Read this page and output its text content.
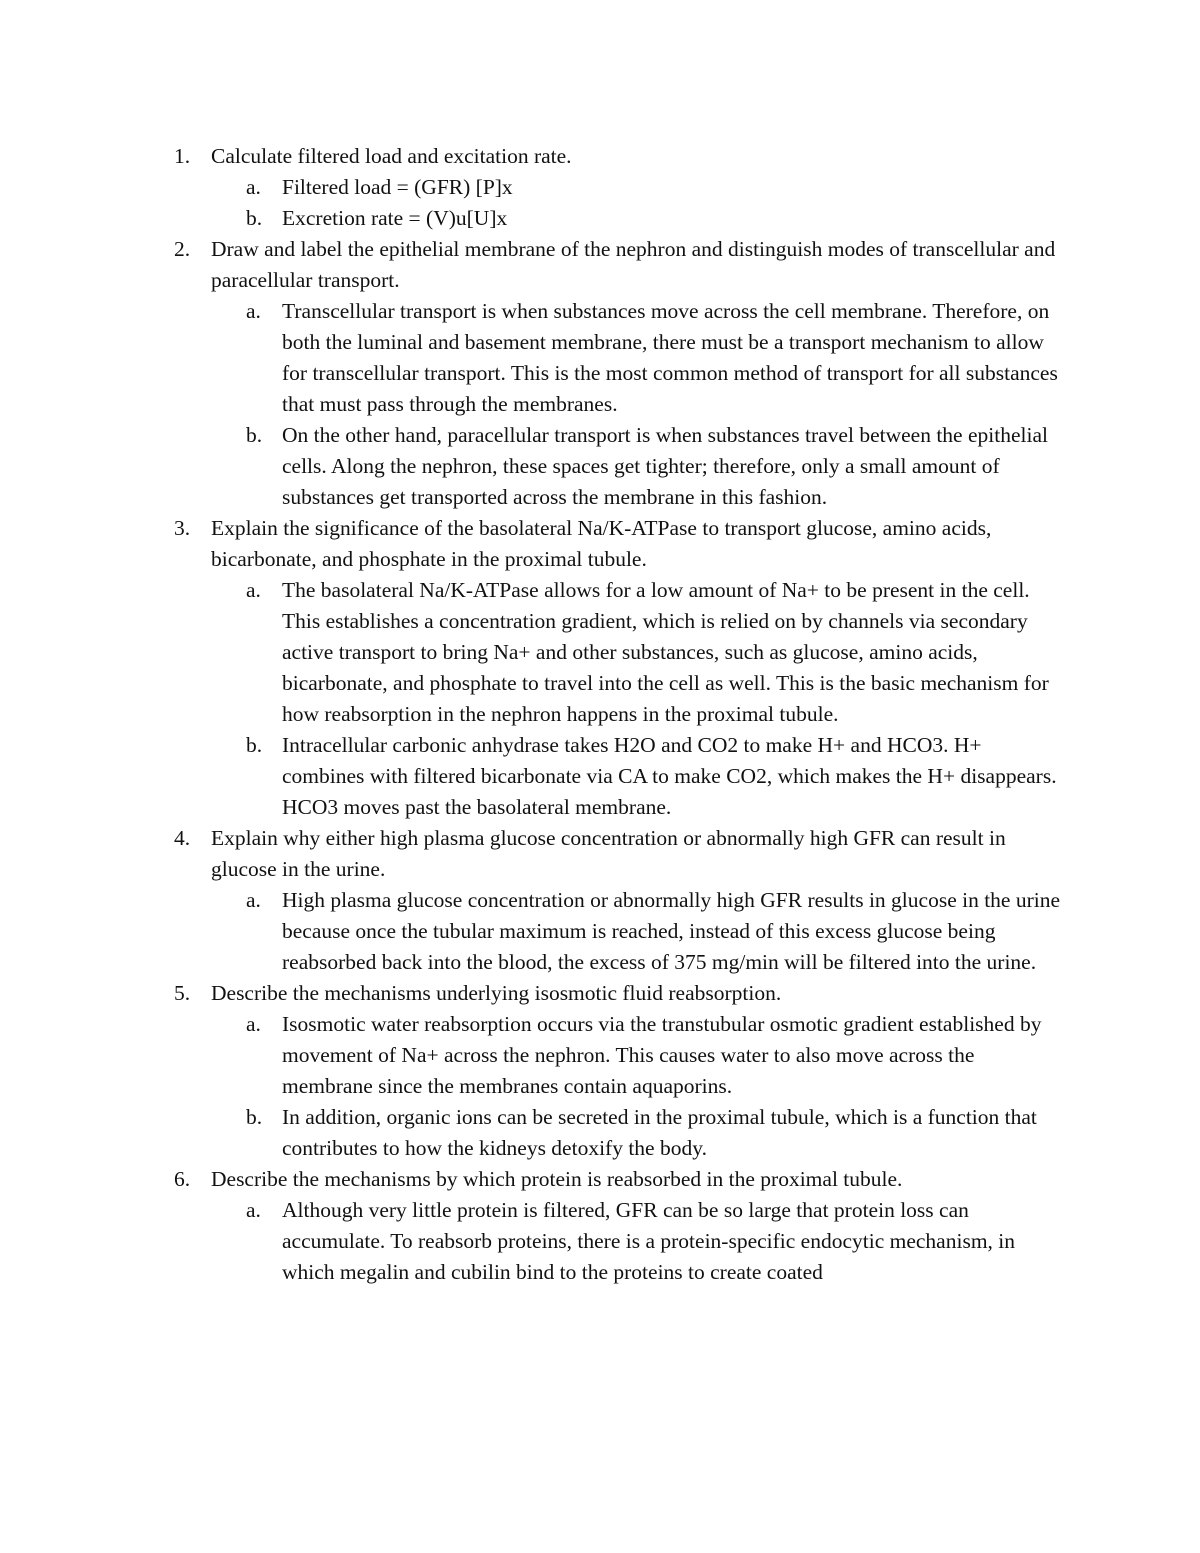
1. Calculate filtered load and excitation rate.
a. Filtered load = (GFR) [P]x
b. Excretion rate = (V)u[U]x
2. Draw and label the epithelial membrane of the nephron and distinguish modes of transcellular and paracellular transport.
a. Transcellular transport is when substances move across the cell membrane. Therefore, on both the luminal and basement membrane, there must be a transport mechanism to allow for transcellular transport. This is the most common method of transport for all substances that must pass through the membranes.
b. On the other hand, paracellular transport is when substances travel between the epithelial cells. Along the nephron, these spaces get tighter; therefore, only a small amount of substances get transported across the membrane in this fashion.
3. Explain the significance of the basolateral Na/K-ATPase to transport glucose, amino acids, bicarbonate, and phosphate in the proximal tubule.
a. The basolateral Na/K-ATPase allows for a low amount of Na+ to be present in the cell. This establishes a concentration gradient, which is relied on by channels via secondary active transport to bring Na+ and other substances, such as glucose, amino acids, bicarbonate, and phosphate to travel into the cell as well. This is the basic mechanism for how reabsorption in the nephron happens in the proximal tubule.
b. Intracellular carbonic anhydrase takes H2O and CO2 to make H+ and HCO3. H+ combines with filtered bicarbonate via CA to make CO2, which makes the H+ disappears. HCO3 moves past the basolateral membrane.
4. Explain why either high plasma glucose concentration or abnormally high GFR can result in glucose in the urine.
a. High plasma glucose concentration or abnormally high GFR results in glucose in the urine because once the tubular maximum is reached, instead of this excess glucose being reabsorbed back into the blood, the excess of 375 mg/min will be filtered into the urine.
5. Describe the mechanisms underlying isosmotic fluid reabsorption.
a. Isosmotic water reabsorption occurs via the transtubular osmotic gradient established by movement of Na+ across the nephron. This causes water to also move across the membrane since the membranes contain aquaporins.
b. In addition, organic ions can be secreted in the proximal tubule, which is a function that contributes to how the kidneys detoxify the body.
6. Describe the mechanisms by which protein is reabsorbed in the proximal tubule.
a. Although very little protein is filtered, GFR can be so large that protein loss can accumulate. To reabsorb proteins, there is a protein-specific endocytic mechanism, in which megalin and cubilin bind to the proteins to create coated
